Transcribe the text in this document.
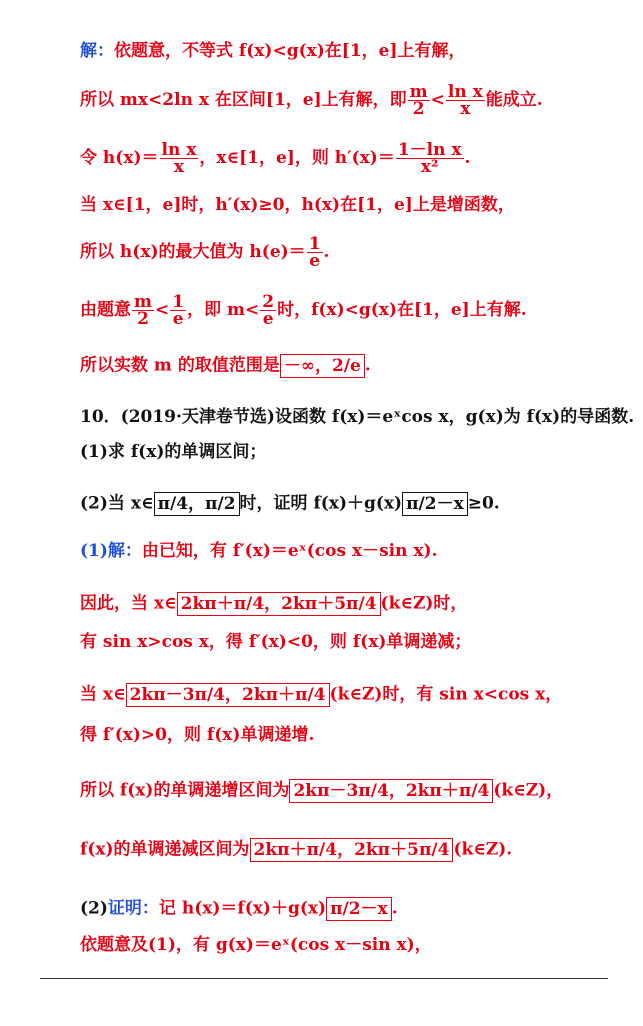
解：依题意，不等式 f(x)<g(x)在[1，e]上有解，
所以 mx<2ln x 在区间[1，e]上有解，即 $\frac{m}{2} < \frac{\text{ln x}}{x}$ 能成立.
令 $h(x)= \frac{\text{ln x}}{x}$ ，x∈[1，e]，则 $h'(x)= \frac{\text{1－ln x}}{\text{x²}}$ .
当 x∈[1，e]时，h′(x)≥0，h(x)在[1，e]上是增函数，
所以 h(x)的最大值为 $h(e)= \frac{1}{e}$ .
由题意 $\frac{m}{2} < \frac{1}{e}$ ，即 $m< \frac{2}{e}$ 时，f(x)<g(x)在[1，e]上有解.
所以实数 m 的取值范围是 －∞，2/e .
10．(2019·天津卷节选)设函数 f(x)＝eˣcos x，g(x)为 f(x)的导函数.
(1)求 f(x)的单调区间；
(2)当 x∈ π/4，π/2 时，证明 f(x)＋g(x) π/2－x ≥0.
(1)解：由已知，有 f′(x)＝eˣ(cos x－sin x).
因此，当 x∈ 2kπ＋π/4，2kπ＋5π/4 (k∈Z)时，
有 sin x>cos x，得 f′(x)<0，则 f(x)单调递减；
当 x∈ 2kπ－3π/4，2kπ＋π/4 (k∈Z)时，有 sin x<cos x，
得 f′(x)>0，则 f(x)单调递增.
所以 f(x)的单调递增区间为 2kπ－3π/4，2kπ＋π/4 (k∈Z)，
f(x)的单调递减区间为 2kπ＋π/4，2kπ＋5π/4 (k∈Z).
(2)证明：记 h(x)＝f(x)＋g(x) π/2－x .
依题意及(1)，有 g(x)＝eˣ(cos x－sin x)，
